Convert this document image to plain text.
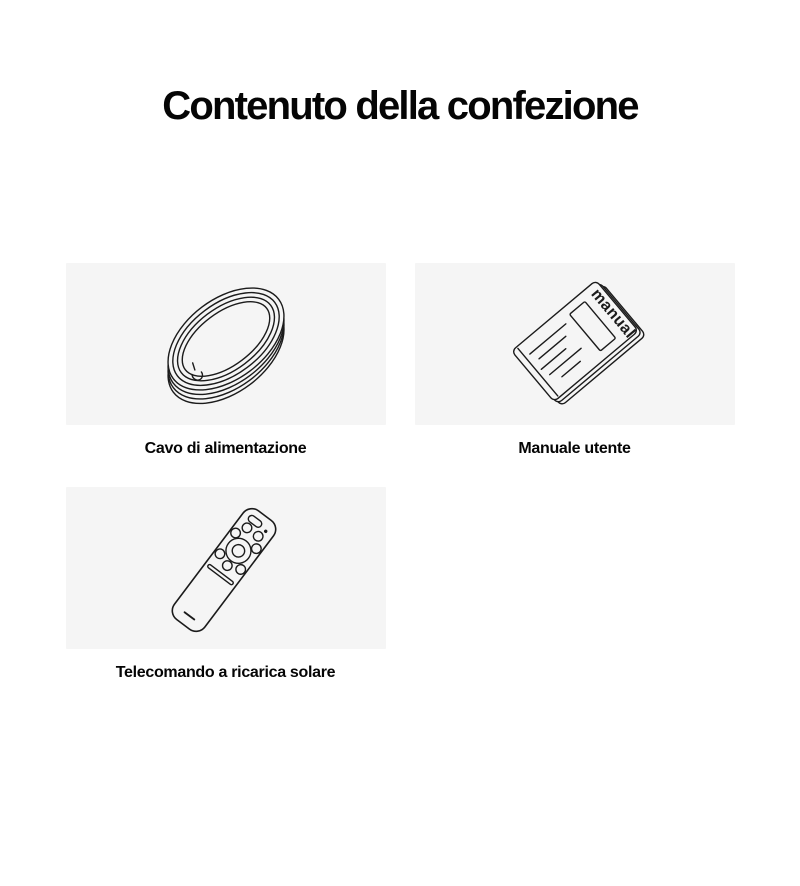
Contenuto della confezione
Cavo di alimentazione
manual
Manuale utente
Telecomando a ricarica solare
